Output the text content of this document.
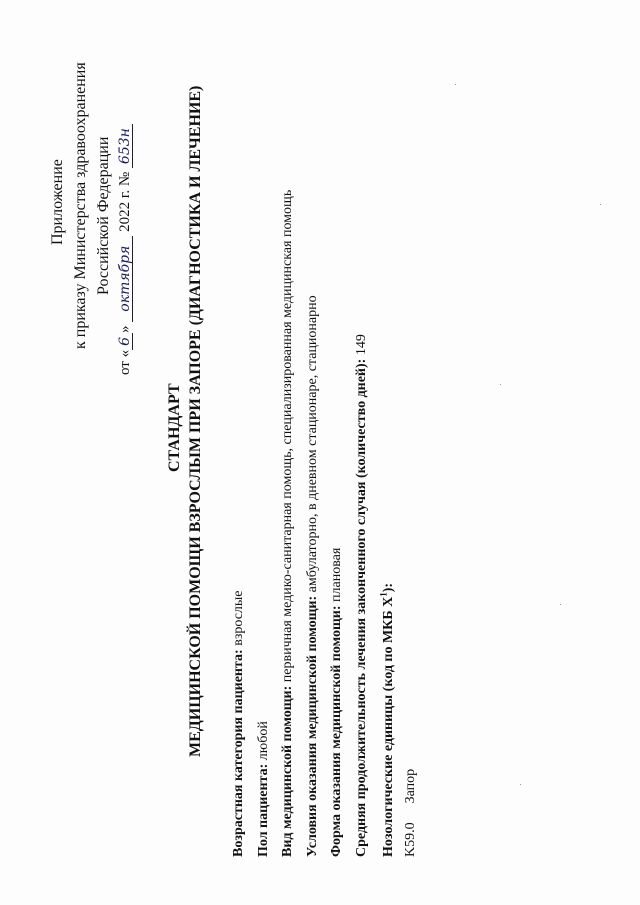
Приложение к приказу Министерства здравоохранения Российской Федерации
от «6» октября 2022 г. № 653н
СТАНДАРТ МЕДИЦИНСКОЙ ПОМОЩИ ВЗРОСЛЫМ ПРИ ЗАПОРЕ (ДИАГНОСТИКА И ЛЕЧЕНИЕ) Возрастная категория пациента: взрослые
Пол пациента: любой Вид медицинской помощи: первичная медико-санитарная помощь, специализированная медицинская помощь
Условия оказания медицинской помощи: амбулаторно, в дневном стационаре, стационарно
Форма оказания медицинской помощи: плановая Средняя продолжительность лечения законченного случая (количество дней): 149
Нозологические единицы (код по МКБ $X^1$):
K59.0  Запор
